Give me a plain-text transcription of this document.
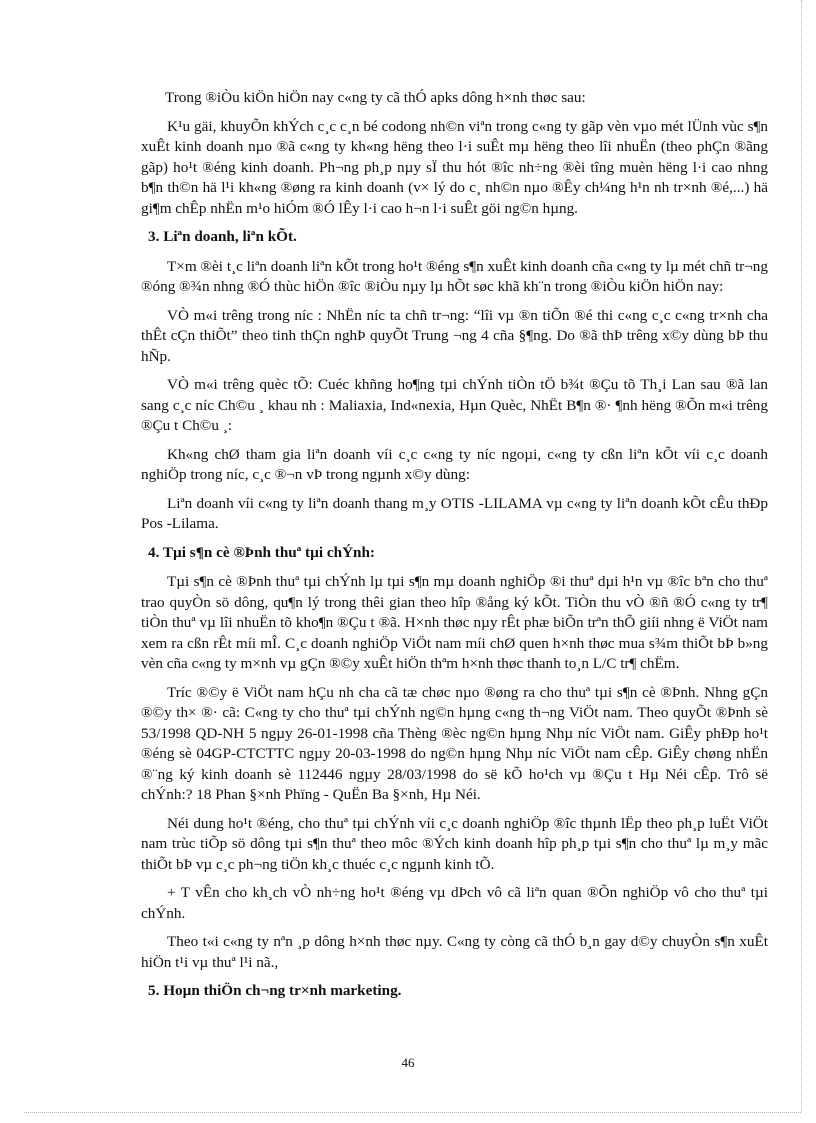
Trong ®iÒu kiÖn hiÖn nay c«ng ty cã thÓ apks dông h×nh thøc sau:

K¹u gäi, khuyÕn khÝch c¸c c¸n bé codong nh©n viªn trong c«ng ty gãp vèn vµo mét lÜnh vùc s¶n xuÊt kinh doanh nµo ®ã c«ng ty kh«ng hëng theo l·i suÊt mµ hëng theo lîi nhuËn (theo phÇn ®ãng gãp) ho¹t ®éng kinh doanh. Ph¬ng ph¸p nµy sÏ thu hót ®îc nh÷ng ®èi tîng muèn hëng l·i cao nhng b¶n th©n hä l¹i kh«ng ®øng ra kinh doanh (v× lý do c¸ nh©n nµo ®Êy ch¼ng h¹n nh tr×nh ®é,...) hä gi¶m chÊp nhËn m¹o hiÓm ®Ó lÊy l·i cao h¬n l·i suÊt göi ng©n hµng.

3. Liªn doanh, liªn kÕt.

T×m ®èi t¸c liªn doanh liªn kÕt trong ho¹t ®éng s¶n xuÊt kinh doanh cña c«ng ty lµ mét chñ tr¬ng ®óng ®¾n nhng ®Ó thùc hiÖn ®îc ®iÒu nµy lµ hÕt søc khã kh¨n trong ®iÒu kiÖn hiÖn nay:

VÒ m«i trêng trong níc : NhËn níc ta chñ tr¬ng: “lîi vµ ®n tiÕn ®é thi c«ng c¸c c«ng tr×nh cha thÊt cÇn thiÕt” theo tinh thÇn nghÞ quyÕt Trung ¬ng 4 cña §¶ng. Do ®ã thÞ trêng x©y dùng bÞ thu hÑp.

VÒ m«i trêng quèc tÕ: Cuéc khñng ho¶ng tµi chÝnh tiÒn tÖ b¾t ®Çu tõ Th¸i Lan sau ®ã lan sang c¸c níc Ch©u ¸ khau nh : Maliaxia, Ind«nexia, Hµn Quèc, NhËt B¶n ®· ¶nh hëng ®Õn m«i trêng ®Çu t Ch©u ¸:

Kh«ng chØ tham gia liªn doanh víi c¸c c«ng ty níc ngoµi, c«ng ty cßn liªn kÕt víi c¸c doanh nghiÖp trong níc, c¸c ®¬n vÞ trong ngµnh x©y dùng:

Liªn doanh víi c«ng ty liªn doanh thang m¸y OTIS -LILAMA vµ c«ng ty liªn doanh kÕt cÊu thÐp Pos -Lilama.

4. Tµi s¶n cè ®Þnh thuª tµi chÝnh:

Tµi s¶n cè ®Þnh thuª tµi chÝnh lµ tµi s¶n mµ doanh nghiÖp ®i thuª dµi h¹n vµ ®îc bªn cho thuª trao quyÒn sö dông, qu¶n lý trong thêi gian theo hîp ®ång ký kÕt. TiÒn thu vÒ ®ñ ®Ó c«ng ty tr¶ tiÒn thuª vµ lîi nhuËn tõ kho¶n ®Çu t ®ã. H×nh thøc nµy rÊt phæ biÕn trªn thÕ giíi nhng ë ViÖt nam xem ra cßn rÊt míi mÎ. C¸c doanh nghiÖp ViÖt nam míi chØ quen h×nh thøc mua s¾m thiÕt bÞ b»ng vèn cña c«ng ty m×nh vµ gÇn ®©y xuÊt hiÖn thªm h×nh thøc thanh to¸n L/C tr¶ chËm.

Tríc ®©y ë ViÖt nam hÇu nh cha cã tæ chøc nµo ®øng ra cho thuª tµi s¶n cè ®Þnh. Nhng gÇn ®©y th× ®· cã: C«ng ty cho thuª tµi chÝnh ng©n hµng c«ng th¬ng ViÖt nam. Theo quyÕt ®Þnh sè 53/1998 QD-NH 5 ngµy 26-01-1998 cña Thèng ®èc ng©n hµng Nhµ níc ViÖt nam. GiÊy phÐp ho¹t ®éng sè 04GP-CTCTTC ngµy 20-03-1998 do ng©n hµng Nhµ níc ViÖt nam cÊp. GiÊy chøng nhËn ®¨ng ký kinh doanh sè 112446 ngµy 28/03/1998 do së kÕ ho¹ch vµ ®Çu t Hµ Néi cÊp. Trô së chÝnh:? 18 Phan §×nh Phïng - QuËn Ba §×nh, Hµ Néi.

Néi dung ho¹t ®éng, cho thuª tµi chÝnh víi c¸c doanh nghiÖp ®îc thµnh lËp theo ph¸p luËt ViÖt nam trùc tiÕp sö dông tµi s¶n thuª theo môc ®Ých kinh doanh hîp ph¸p tµi s¶n cho thuª lµ m¸y mãc thiÕt bÞ vµ c¸c ph¬ng tiÖn kh¸c thuéc c¸c ngµnh kinh tÕ.

+ T vÊn cho kh¸ch vÒ nh÷ng ho¹t ®éng vµ dÞch vô cã liªn quan ®Õn nghiÖp vô cho thuª tµi chÝnh.

Theo t«i c«ng ty nªn ¸p dông h×nh thøc nµy. C«ng ty còng cã thÓ b¸n gay d©y chuyÒn s¶n xuÊt hiÖn t¹i vµ thuª l¹i nã.,

5. Hoµn thiÖn ch¬ng tr×nh marketing.

46
